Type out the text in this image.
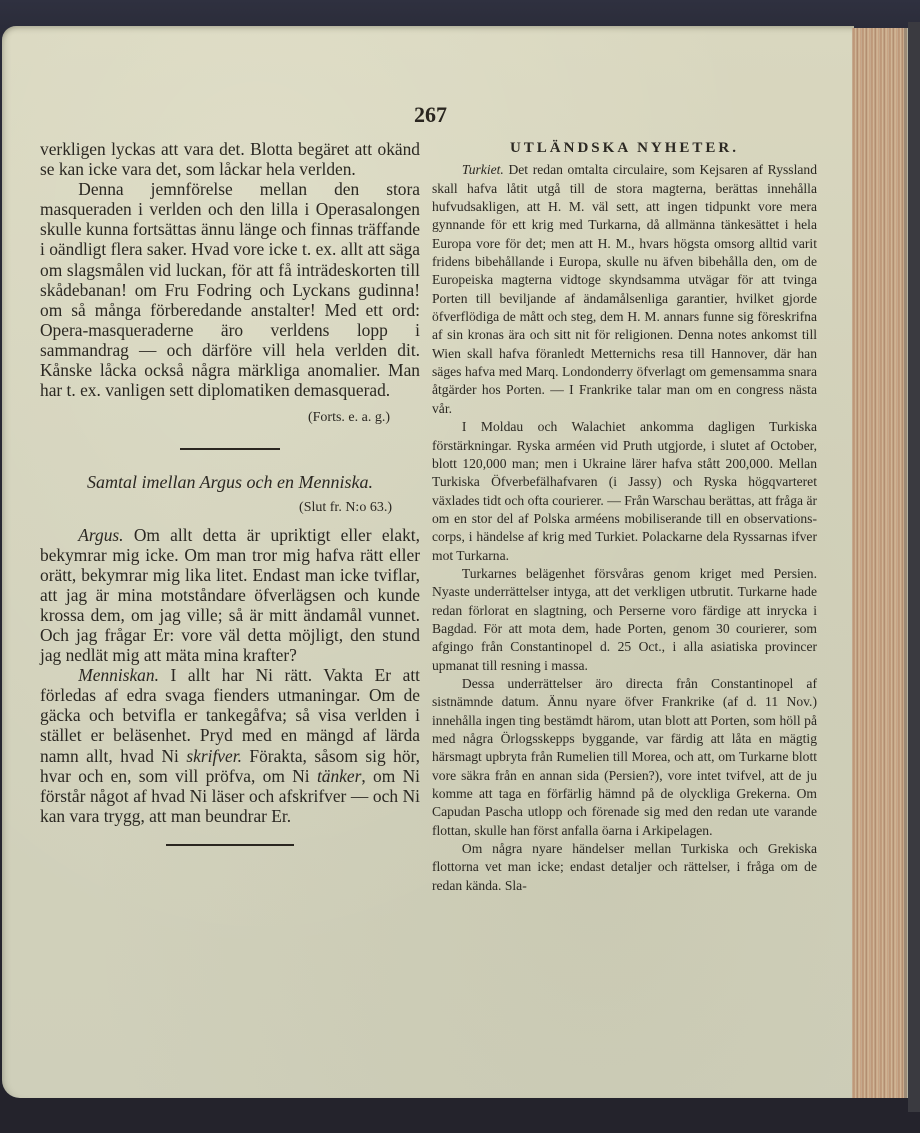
267

verkligen lyckas att vara det. Blotta begäret att okänd se kan icke vara det, som låckar hela verlden.

Denna jemnförelse mellan den stora masqueraden i verlden och den lilla i Operasalongen skulle kunna fortsättas ännu länge och finnas träffande i oändligt flera saker. Hvad vore icke t. ex. allt att säga om slagsmålen vid luckan, för att få inträdeskorten till skådebanan! om Fru Fodring och Lyckans gudinna! om så många förberedande anstalter! Med ett ord: Opera-masqueraderne äro verldens lopp i sammandrag — och därföre vill hela verlden dit. Kånske låcka också några märkliga anomalier. Man har t. ex. vanligen sett diplomatiken demasquerad.

(Forts. e. a. g.)

Samtal imellan Argus och en Menniska.

(Slut fr. N:o 63.)

Argus. Om allt detta är upriktigt eller elakt, bekymrar mig icke. Om man tror mig hafva rätt eller orätt, bekymrar mig lika litet. Endast man icke tviflar, att jag är mina motståndare öfverlägsen och kunde krossa dem, om jag ville; så är mitt ändamål vunnet. Och jag frågar Er: vore väl detta möjligt, den stund jag nedlät mig att mäta mina krafter?

Menniskan. I allt har Ni rätt. Vakta Er att förledas af edra svaga fienders utmaningar. Om de gäcka och betvifla er tankegåfva; så visa verlden i stället er beläsenhet. Pryd med en mängd af lärda namn allt, hvad Ni skrifver. Förakta, såsom sig hör, hvar och en, som vill pröfva, om Ni tänker, om Ni förstår något af hvad Ni läser och afskrifver — och Ni kan vara trygg, att man beundrar Er.

UTLÄNDSKA NYHETER.

Turkiet. Det redan omtalta circulaire, som Kejsaren af Ryssland skall hafva låtit utgå till de stora magterna, berättas innehålla hufvudsakligen, att H. M. väl sett, att ingen tidpunkt vore mera gynnande för ett krig med Turkarna, då allmänna tänkesättet i hela Europa vore för det; men att H. M., hvars högsta omsorg alltid varit fridens bibehållande i Europa, skulle nu äfven bibehålla den, om de Europeiska magterna vidtoge skyndsamma utvägar för att tvinga Porten till beviljande af ändamålsenliga garantier, hvilket gjorde öfverflödiga de mått och steg, dem H. M. annars funne sig föreskrifna af sin kronas ära och sitt nit för religionen. Denna notes ankomst till Wien skall hafva föranledt Metternichs resa till Hannover, där han säges hafva med Marq. Londonderry öfverlagt om gemensamma snara åtgärder hos Porten. — I Frankrike talar man om en congress nästa vår.

I Moldau och Walachiet ankomma dagligen Turkiska förstärkningar. Ryska arméen vid Pruth utgjorde, i slutet af October, blott 120,000 man; men i Ukraine lärer hafva stått 200,000. Mellan Turkiska Öfverbefälhafvaren (i Jassy) och Ryska högqvarteret växlades tidt och ofta courierer. — Från Warschau berättas, att fråga är om en stor del af Polska arméens mobiliserande till en observations-corps, i händelse af krig med Turkiet. Polackarne dela Ryssarnas ifver mot Turkarna.

Turkarnes belägenhet försvåras genom kriget med Persien. Nyaste underrättelser intyga, att det verkligen utbrutit. Turkarne hade redan förlorat en slagtning, och Perserne voro färdige att inrycka i Bagdad. För att mota dem, hade Porten, genom 30 courierer, som afgingo från Constantinopel d. 25 Oct., i alla asiatiska provincer upmanat till resning i massa.

Dessa underrättelser äro directa från Constantinopel af sistnämnde datum. Ännu nyare öfver Frankrike (af d. 11 Nov.) innehålla ingen ting bestämdt härom, utan blott att Porten, som höll på med några Örlogsskepps byggande, var färdig att låta en mägtig härsmagt upbryta från Rumelien till Morea, och att, om Turkarne blott vore säkra från en annan sida (Persien?), vore intet tvifvel, att de ju komme att taga en förfärlig hämnd på de olyckliga Grekerna. Om Capudan Pascha utlopp och förenade sig med den redan ute varande flottan, skulle han först anfalla öarna i Arkipelagen.

Om några nyare händelser mellan Turkiska och Grekiska flottorna vet man icke; endast detaljer och rättelser, i fråga om de redan kända. Sla-
